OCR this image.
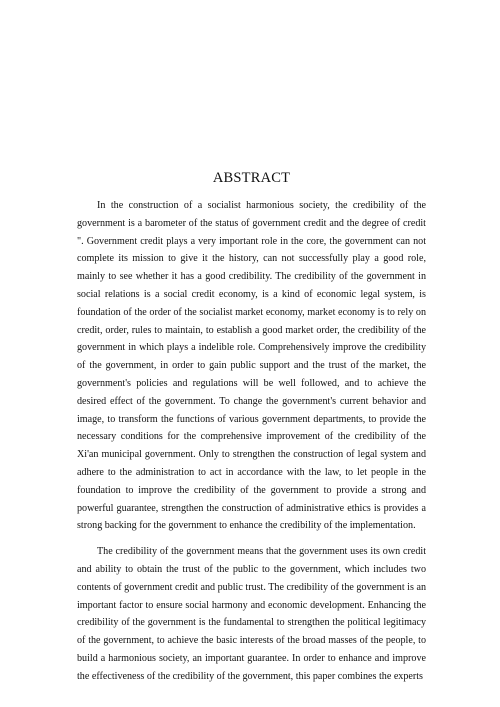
ABSTRACT

In the construction of a socialist harmonious society, the credibility of the government is a barometer of the status of government credit and the degree of credit ". Government credit plays a very important role in the core, the government can not complete its mission to give it the history, can not successfully play a good role, mainly to see whether it has a good credibility. The credibility of the government in social relations is a social credit economy, is a kind of economic legal system, is foundation of the order of the socialist market economy, market economy is to rely on credit, order, rules to maintain, to establish a good market order, the credibility of the government in which plays a indelible role. Comprehensively improve the credibility of the government, in order to gain public support and the trust of the market, the government's policies and regulations will be well followed, and to achieve the desired effect of the government. To change the government's current behavior and image, to transform the functions of various government departments, to provide the necessary conditions for the comprehensive improvement of the credibility of the Xi'an municipal government. Only to strengthen the construction of legal system and adhere to the administration to act in accordance with the law, to let people in the foundation to improve the credibility of the government to provide a strong and powerful guarantee, strengthen the construction of administrative ethics is provides a strong backing for the government to enhance the credibility of the implementation.

The credibility of the government means that the government uses its own credit and ability to obtain the trust of the public to the government, which includes two contents of government credit and public trust. The credibility of the government is an important factor to ensure social harmony and economic development. Enhancing the credibility of the government is the fundamental to strengthen the political legitimacy of the government, to achieve the basic interests of the broad masses of the people, to build a harmonious society, an important guarantee. In order to enhance and improve the effectiveness of the credibility of the government, this paper combines the experts
